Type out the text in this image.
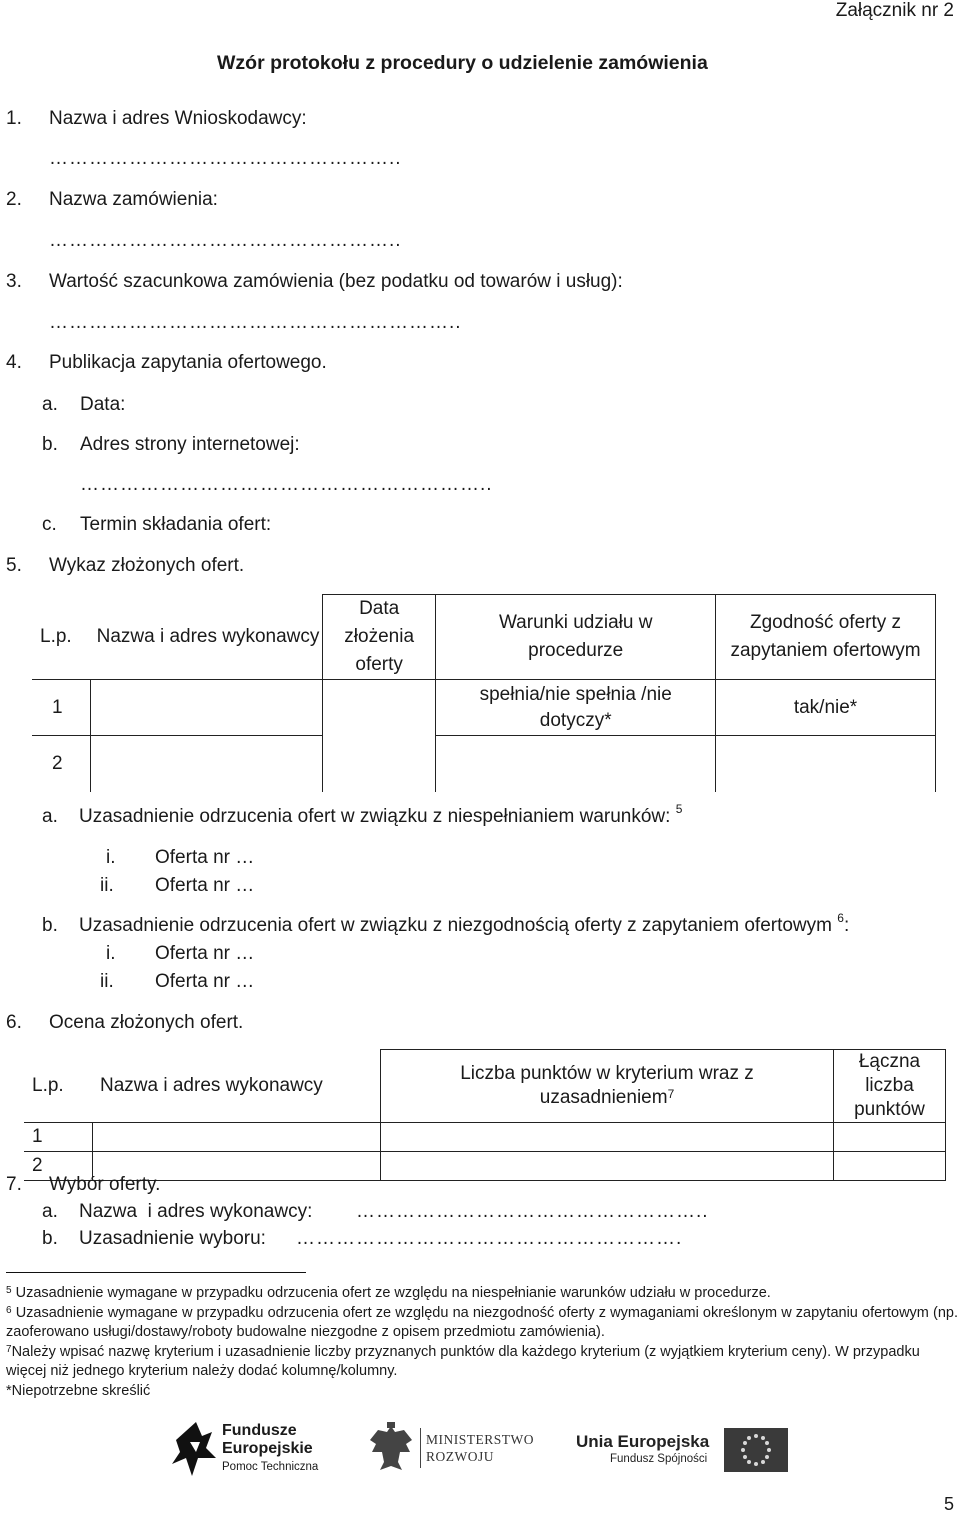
Załącznik nr 2
Wzór protokołu z procedury o udzielenie zamówienia
1. Nazwa i adres Wnioskodawcy:
……………………………………………..
2. Nazwa zamówienia:
……………………………………………..
3. Wartość szacunkowa zamówienia (bez podatku od towarów i usług):
……………………………………………………..
4. Publikacja zapytania ofertowego.
a. Data:
b. Adres strony internetowej:
……………………………………………………..
c. Termin składania ofert:
5. Wykaz złożonych ofert.
L.p.	Nazwa i adres wykonawcy	Data złożenia oferty	Warunki udziału w procedurze	Zgodność oferty z zapytaniem ofertowym
1			spełnia/nie spełnia /nie dotyczy*	tak/nie*
2				
a. Uzasadnienie odrzucenia ofert w związku z niespełnianiem warunków: $^5$
i. Oferta nr …
ii. Oferta nr …
b. Uzasadnienie odrzucenia ofert w związku z niezgodnością oferty z zapytaniem ofertowym $^6$:
i. Oferta nr …
ii. Oferta nr …
6. Ocena złożonych ofert.
L.p.	Nazwa i adres wykonawcy	Liczba punktów w kryterium wraz z uzasadnieniem$^7$	Łączna liczba punktów
1			
2			
7. Wybór oferty.
a. Nazwa  i adres wykonawcy: ……………………………………………..
b. Uzasadnienie wyboru: ………………………………………………….
$^5$ Uzasadnienie wymagane w przypadku odrzucenia ofert ze względu na niespełnianie warunków udziału w procedurze.
$^6$ Uzasadnienie wymagane w przypadku odrzucenia ofert ze względu na niezgodność oferty z wymaganiami określonym w zapytaniu ofertowym (np. zaoferowano usługi/dostawy/roboty budowalne niezgodne z opisem przedmiotu zamówienia).
$^7$Należy wpisać nazwę kryterium i uzasadnienie liczby przyznanych punktów dla każdego kryterium (z wyjątkiem kryterium ceny). W przypadku więcej niż jednego kryterium należy dodać kolumnę/kolumny.
*Niepotrzebne skreślić
Fundusze
Europejskie
Pomoc Techniczna
MINISTERSTWO
ROZWOJU
Unia Europejska
Fundusz Spójności
5
